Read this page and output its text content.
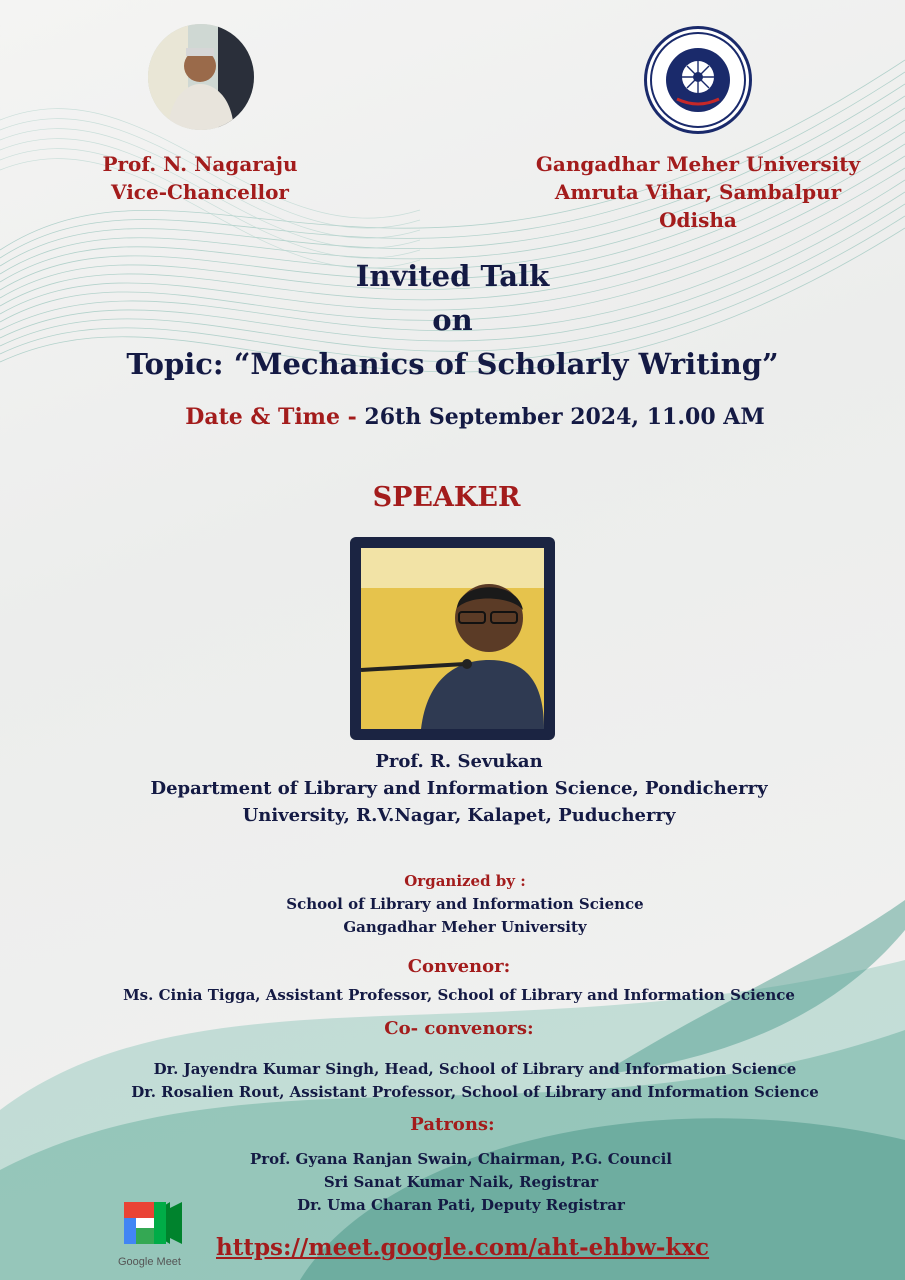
Prof. N. Nagaraju
Vice-Chancellor
Gangadhar Meher University
Amruta Vihar, Sambalpur
Odisha
Invited Talk
on
Topic: “Mechanics of Scholarly Writing”
Date & Time - 26th September 2024, 11.00 AM
SPEAKER
Prof. R. Sevukan
Department of Library and Information Science, Pondicherry
University, R.V.Nagar, Kalapet, Puducherry
Organized by :
School of Library and Information Science
Gangadhar Meher University
Convenor:
Ms. Cinia Tigga, Assistant Professor, School of Library and Information Science
Co- convenors:
Dr. Jayendra Kumar Singh, Head, School of Library and Information Science
Dr. Rosalien Rout, Assistant Professor, School of Library and Information Science
Patrons:
Prof. Gyana Ranjan Swain, Chairman, P.G. Council
Sri Sanat Kumar Naik, Registrar
Dr. Uma Charan Pati, Deputy Registrar
Google Meet
https://meet.google.com/aht-ehbw-kxc
